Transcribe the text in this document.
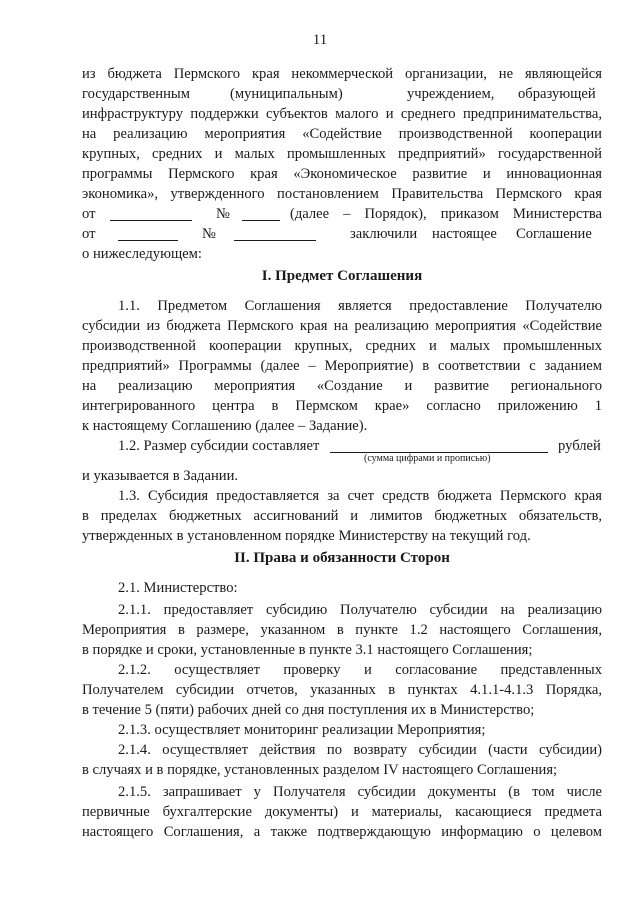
11
из бюджета Пермского края некоммерческой организации, не являющейся
государственным	(муниципальным)	учреждением, образующей
инфраструктуру поддержки субъектов малого и среднего предпринимательства,
на реализацию мероприятия «Содействие производственной кооперации
крупных, средних и малых промышленных предприятий» государственной
программы Пермского края «Экономическое развитие и инновационная
экономика», утвержденного постановлением Правительства Пермского края
от	№	(далее – Порядок), приказом Министерства
от	№	заключили настоящее Соглашение
о нижеследующем:
I. Предмет Соглашения
1.1. Предметом Соглашения является предоставление Получателю
субсидии из бюджета Пермского края на реализацию мероприятия «Содействие
производственной кооперации крупных, средних и малых промышленных
предприятий» Программы (далее – Мероприятие) в соответствии с заданием
на реализацию мероприятия «Создание и развитие регионального
интегрированного центра в Пермском крае» согласно приложению 1
к настоящему Соглашению (далее – Задание).
1.2. Размер субсидии составляет	рублей
(сумма цифрами и прописью)
и указывается в Задании.
1.3. Субсидия предоставляется за счет средств бюджета Пермского края
в пределах бюджетных ассигнований и лимитов бюджетных обязательств,
утвержденных в установленном порядке Министерству на текущий год.
II. Права и обязанности Сторон
2.1. Министерство:
2.1.1. предоставляет субсидию Получателю субсидии на реализацию
Мероприятия в размере, указанном в пункте 1.2 настоящего Соглашения,
в порядке и сроки, установленные в пункте 3.1 настоящего Соглашения;
2.1.2. осуществляет проверку и согласование представленных
Получателем субсидии отчетов, указанных в пунктах 4.1.1-4.1.3 Порядка,
в течение 5 (пяти) рабочих дней со дня поступления их в Министерство;
2.1.3. осуществляет мониторинг реализации Мероприятия;
2.1.4. осуществляет действия по возврату субсидии (части субсидии)
в случаях и в порядке, установленных разделом IV настоящего Соглашения;
2.1.5. запрашивает у Получателя субсидии документы (в том числе
первичные бухгалтерские документы) и материалы, касающиеся предмета
настоящего Соглашения, а также подтверждающую информацию о целевом
